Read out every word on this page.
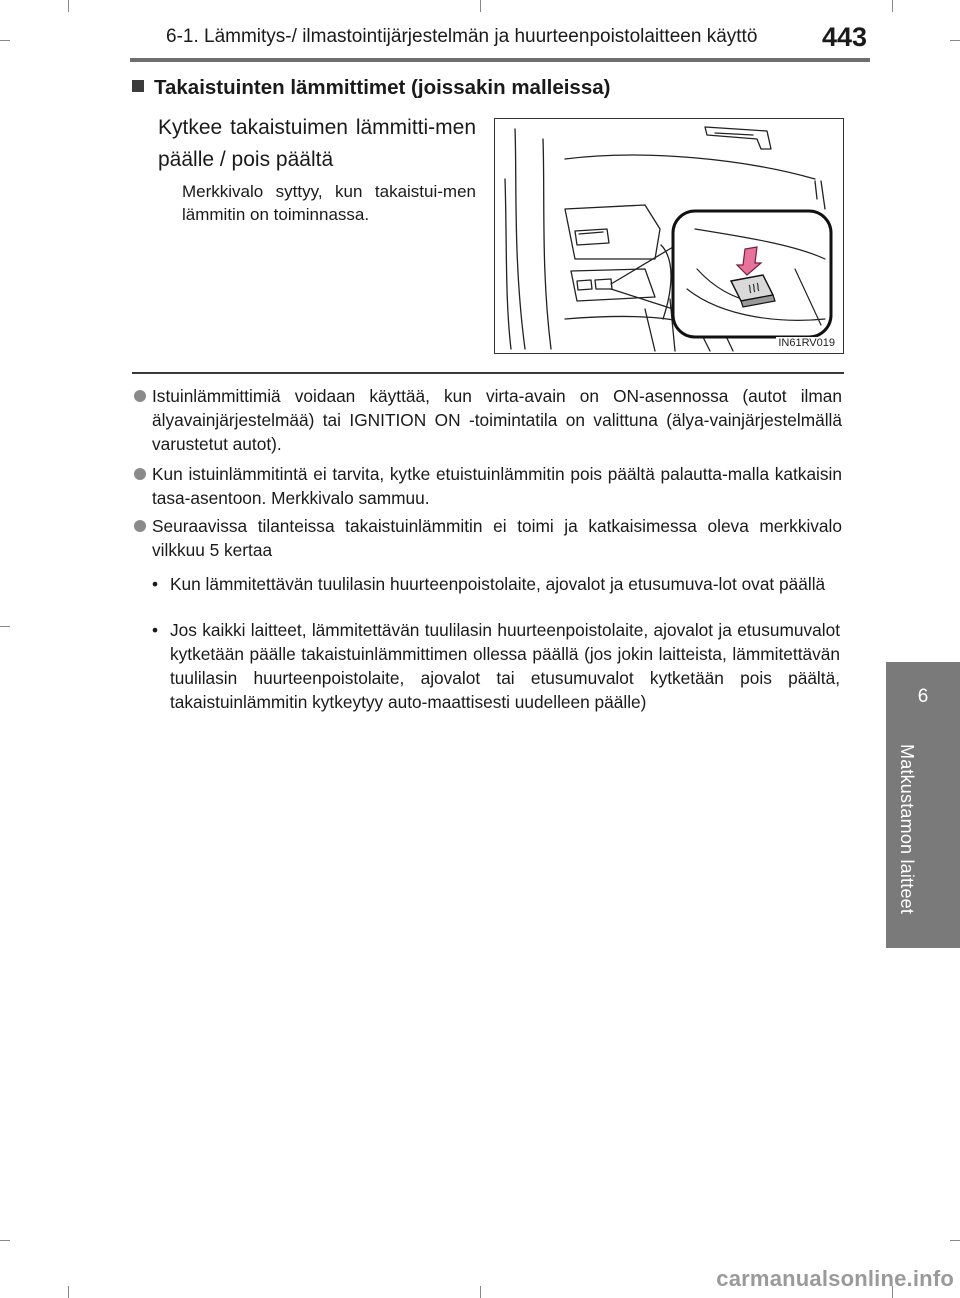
6-1. Lämmitys-/ ilmastointijärjestelmän ja huurteenpoistolaitteen käyttö 443
6
Matkustamon laitteet
Takaistuinten lämmittimet (joissakin malleissa)
Kytkee takaistuimen lämmitti-men päälle / pois päältä
Merkkivalo syttyy, kun takaistui-men lämmitin on toiminnassa.
IN61RV019
Istuinlämmittimiä voidaan käyttää, kun virta-avain on ON-asennossa (autot ilman älyavainjärjestelmää) tai IGNITION ON -toimintatila on valittuna (älya-vainjärjestelmällä varustetut autot).
Kun istuinlämmitintä ei tarvita, kytke etuistuinlämmitin pois päältä palautta-malla katkaisin tasa-asentoon. Merkkivalo sammuu.
Seuraavissa tilanteissa takaistuinlämmitin ei toimi ja katkaisimessa oleva merkkivalo vilkkuu 5 kertaa
• Kun lämmitettävän tuulilasin huurteenpoistolaite, ajovalot ja etusumuva-lot ovat päällä
• Jos kaikki laitteet, lämmitettävän tuulilasin huurteenpoistolaite, ajovalot ja etusumuvalot kytketään päälle takaistuinlämmittimen ollessa päällä (jos jokin laitteista, lämmitettävän tuulilasin huurteenpoistolaite, ajovalot tai etusumuvalot kytketään pois päältä, takaistuinlämmitin kytkeytyy auto-maattisesti uudelleen päälle)
carmanualsonline.info
